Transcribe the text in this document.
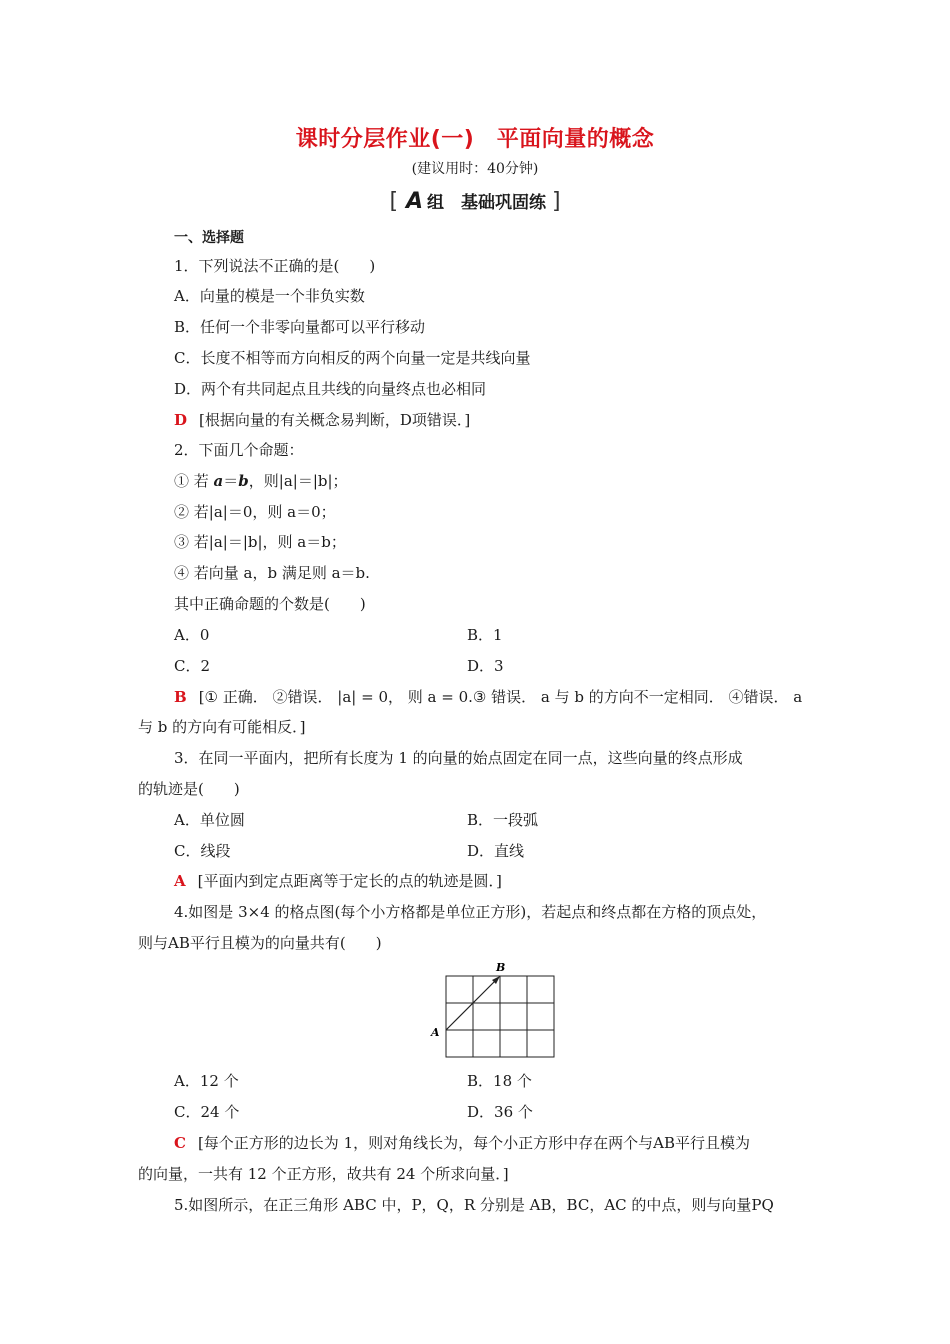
课时分层作业(一)　平面向量的概念
(建议用时：40分钟)
[ A 组　基础巩固练 ]
一、选择题
1．下列说法不正确的是(　　)
A．向量的模是一个非负实数
B．任何一个非零向量都可以平行移动
C．长度不相等而方向相反的两个向量一定是共线向量
D．两个有共同起点且共线的向量终点也必相同
D [根据向量的有关概念易判断，D项错误．]
2．下面几个命题：
① 若 a＝b，则|a|＝|b|；
② 若|a|＝0，则 a＝0；
③ 若|a|＝|b|，则 a＝b；
④ 若向量 a，b 满足则 a＝b.
其中正确命题的个数是(　　)
A．0	B．1
C．2	D．3
B [① 正确． ②错误． |a| = 0， 则 a = 0.③ 错误． a 与 b 的方向不一定相同． ④错误． a
与 b 的方向有可能相反．]
3．在同一平面内，把所有长度为 1 的向量的始点固定在同一点，这些向量的终点形成
的轨迹是(　　)
A．单位圆	B．一段弧
C．线段	D．直线
A [平面内到定点距离等于定长的点的轨迹是圆．]
4.如图是 3×4 的格点图(每个小方格都是单位正方形)，若起点和终点都在方格的顶点处，
则与AB平行且模为的向量共有(　　)
A
B
A．12 个	B．18 个
C．24 个	D．36 个
C [每个正方形的边长为 1，则对角线长为，每个小正方形中存在两个与AB平行且模为
的向量，一共有 12 个正方形，故共有 24 个所求向量．]
5.如图所示，在正三角形 ABC 中，P，Q，R 分别是 AB，BC，AC 的中点，则与向量PQ
